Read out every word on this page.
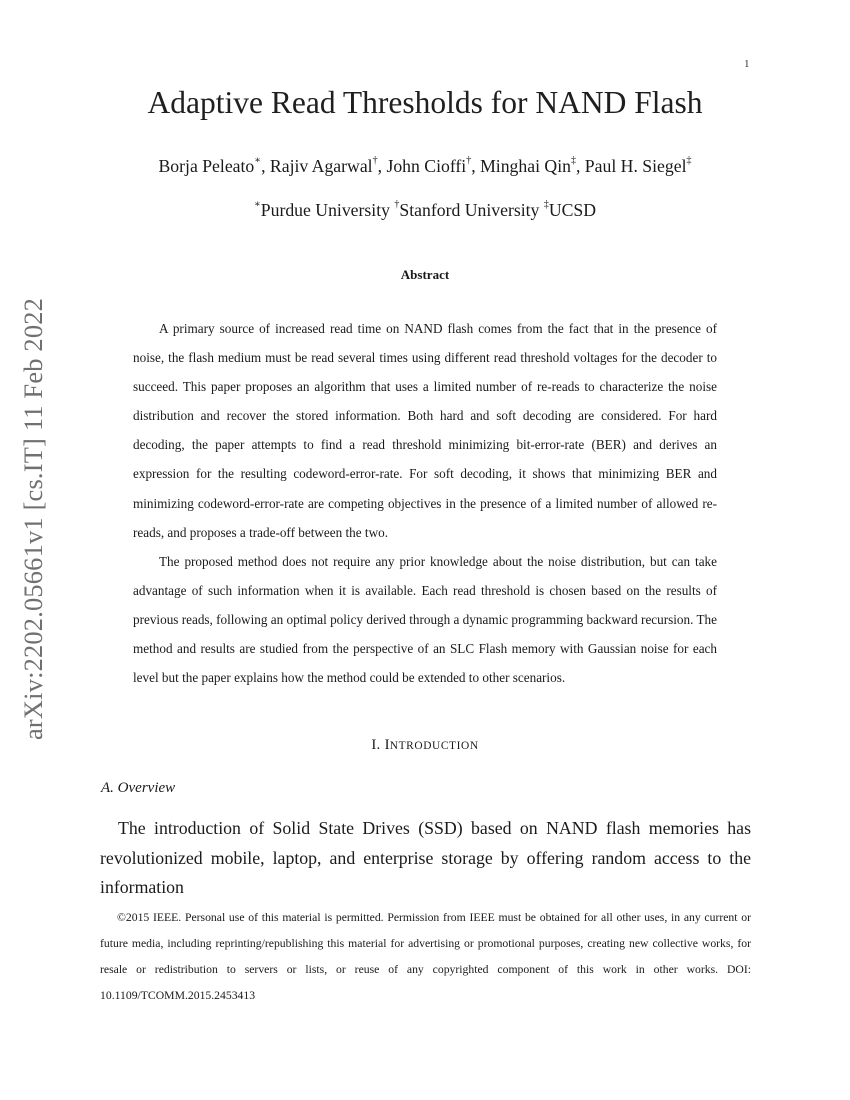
1
arXiv:2202.05661v1 [cs.IT] 11 Feb 2022
Adaptive Read Thresholds for NAND Flash
Borja Peleato∗, Rajiv Agarwal†, John Cioffi†, Minghai Qin‡, Paul H. Siegel‡
∗Purdue University †Stanford University ‡UCSD
Abstract

A primary source of increased read time on NAND flash comes from the fact that in the presence of noise, the flash medium must be read several times using different read threshold voltages for the decoder to succeed. This paper proposes an algorithm that uses a limited number of re-reads to characterize the noise distribution and recover the stored information. Both hard and soft decoding are considered. For hard decoding, the paper attempts to find a read threshold minimizing bit-error-rate (BER) and derives an expression for the resulting codeword-error-rate. For soft decoding, it shows that minimizing BER and minimizing codeword-error-rate are competing objectives in the presence of a limited number of allowed re-reads, and proposes a trade-off between the two.

The proposed method does not require any prior knowledge about the noise distribution, but can take advantage of such information when it is available. Each read threshold is chosen based on the results of previous reads, following an optimal policy derived through a dynamic programming backward recursion. The method and results are studied from the perspective of an SLC Flash memory with Gaussian noise for each level but the paper explains how the method could be extended to other scenarios.

I. INTRODUCTION
A. Overview

The introduction of Solid State Drives (SSD) based on NAND flash memories has revolutionized mobile, laptop, and enterprise storage by offering random access to the information

©2015 IEEE. Personal use of this material is permitted. Permission from IEEE must be obtained for all other uses, in any current or future media, including reprinting/republishing this material for advertising or promotional purposes, creating new collective works, for resale or redistribution to servers or lists, or reuse of any copyrighted component of this work in other works. DOI: 10.1109/TCOMM.2015.2453413
